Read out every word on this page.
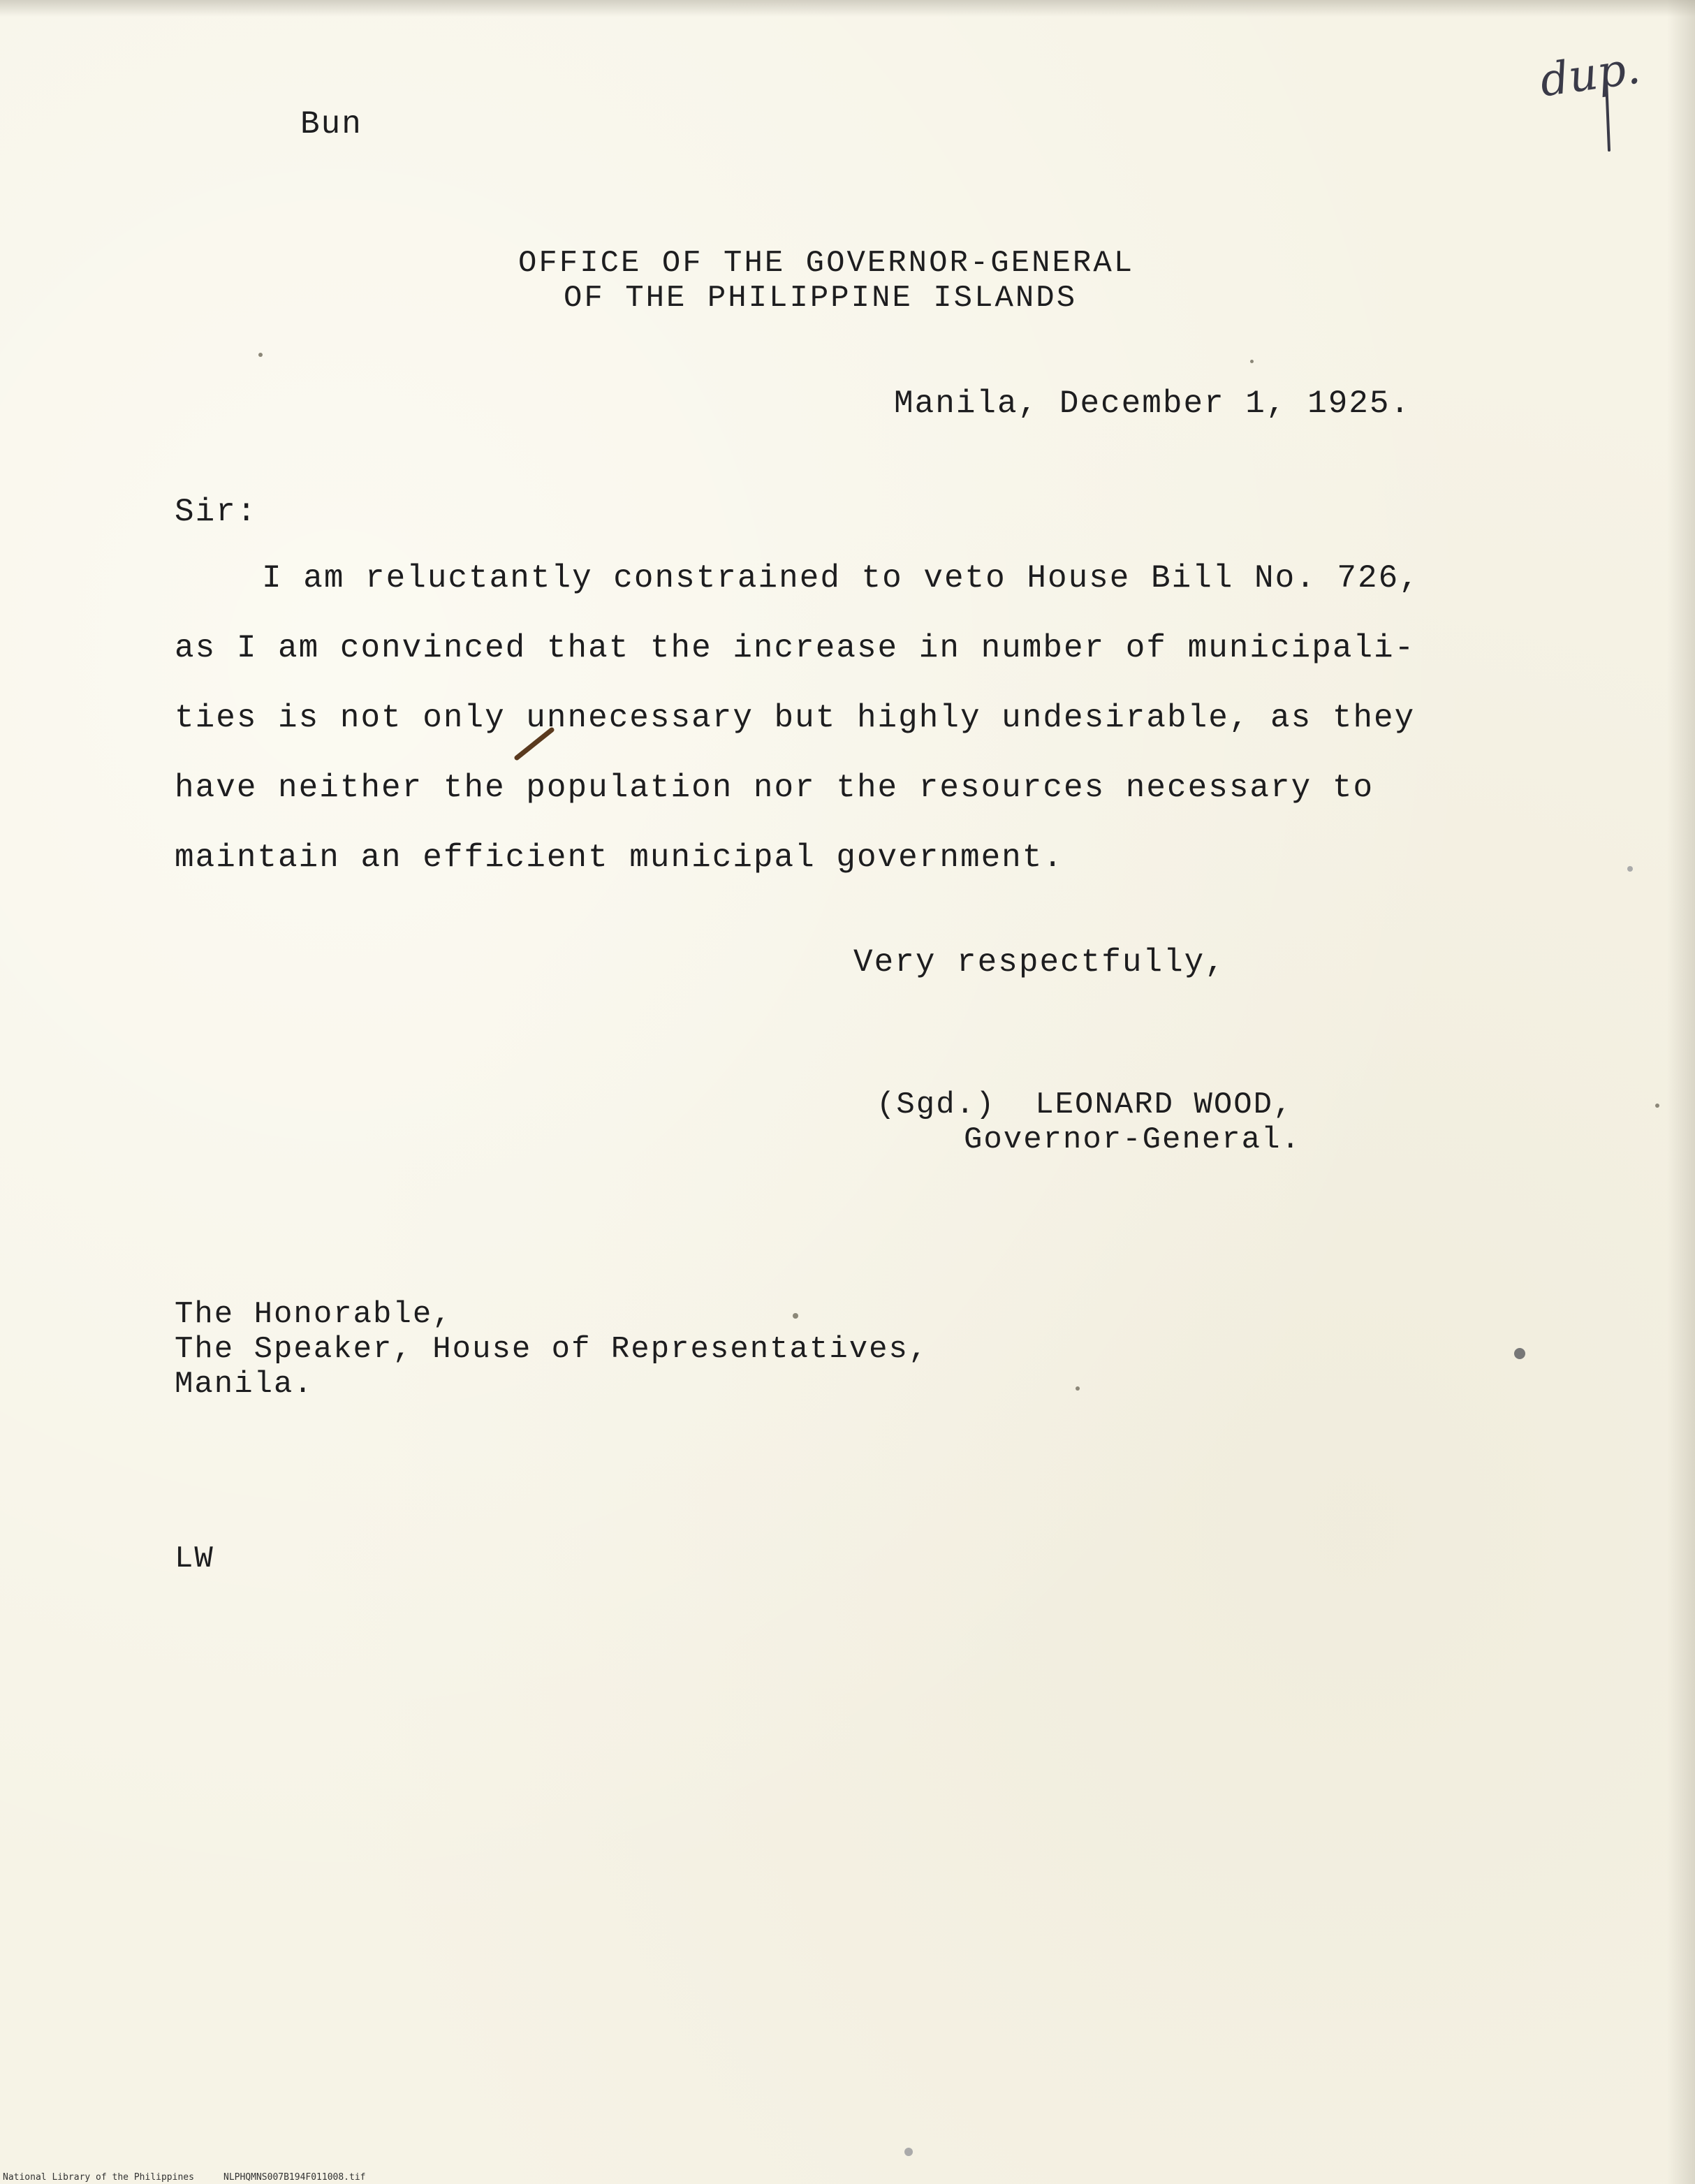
dup.
Bun
OFFICE OF THE GOVERNOR-GENERAL
OF THE PHILIPPINE ISLANDS
Manila, December 1, 1925.
Sir:
I am reluctantly constrained to veto House Bill No. 726,
as I am convinced that the increase in number of municipali-
ties is not only unnecessary but highly undesirable, as they
have neither the population nor the resources necessary to
maintain an efficient municipal government.
Very respectfully,
(Sgd.)  LEONARD WOOD,
Governor-General.
The Honorable,
The Speaker, House of Representatives,
Manila.
LW
National Library of the Philippines	NLPHQMNS007B194F011008.tif
